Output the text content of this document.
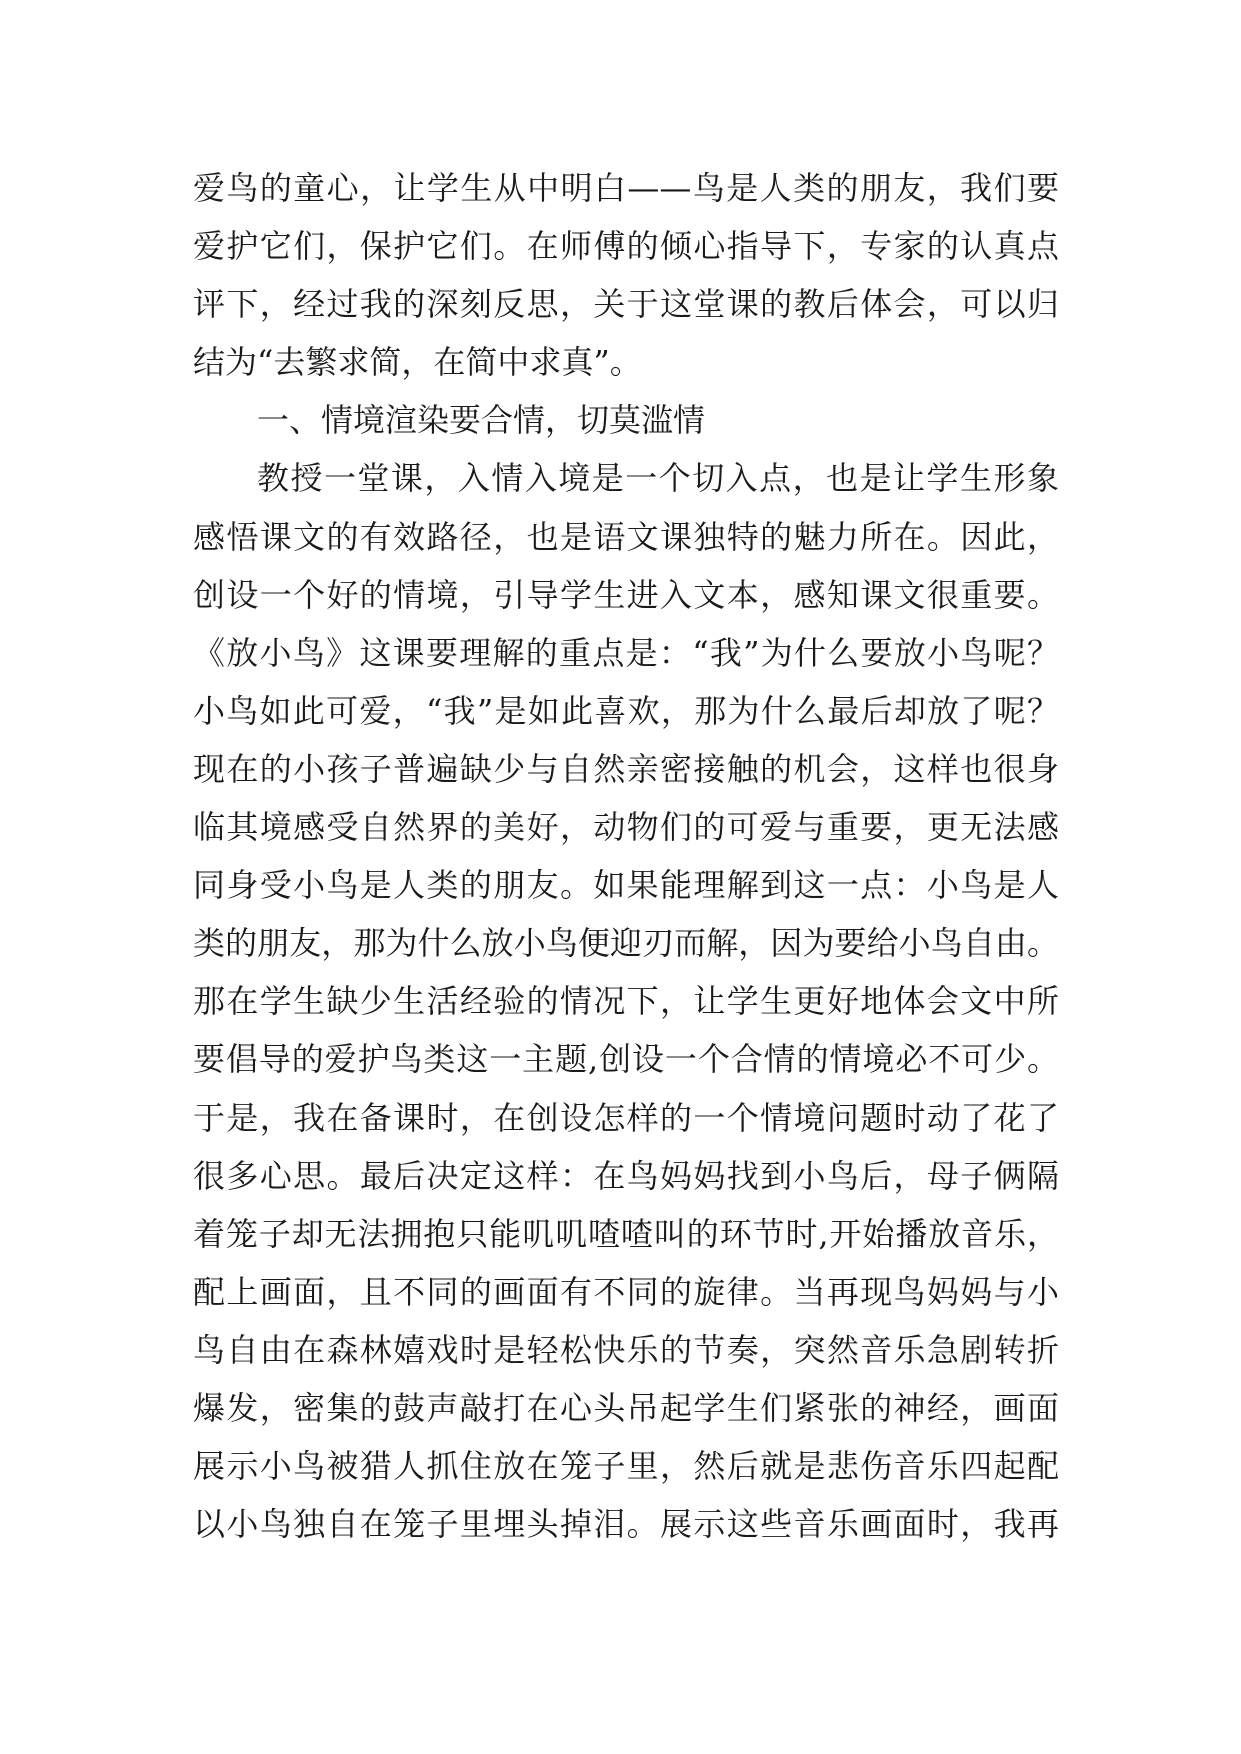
爱鸟的童心，让学生从中明白——鸟是人类的朋友，我们要
爱护它们，保护它们。在师傅的倾心指导下，专家的认真点
评下，经过我的深刻反思，关于这堂课的教后体会，可以归
结为“去繁求简，在简中求真”。
一、情境渲染要合情，切莫滥情
教授一堂课，入情入境是一个切入点，也是让学生形象
感悟课文的有效路径，也是语文课独特的魅力所在。因此，
创设一个好的情境，引导学生进入文本，感知课文很重要。
《放小鸟》这课要理解的重点是：“我”为什么要放小鸟呢？
小鸟如此可爱，“我”是如此喜欢，那为什么最后却放了呢？
现在的小孩子普遍缺少与自然亲密接触的机会，这样也很身
临其境感受自然界的美好，动物们的可爱与重要，更无法感
同身受小鸟是人类的朋友。如果能理解到这一点：小鸟是人
类的朋友，那为什么放小鸟便迎刃而解，因为要给小鸟自由。
那在学生缺少生活经验的情况下，让学生更好地体会文中所
要倡导的爱护鸟类这一主题,创设一个合情的情境必不可少。
于是，我在备课时，在创设怎样的一个情境问题时动了花了
很多心思。最后决定这样：在鸟妈妈找到小鸟后，母子俩隔
着笼子却无法拥抱只能叽叽喳喳叫的环节时,开始播放音乐，
配上画面，且不同的画面有不同的旋律。当再现鸟妈妈与小
鸟自由在森林嬉戏时是轻松快乐的节奏，突然音乐急剧转折
爆发，密集的鼓声敲打在心头吊起学生们紧张的神经，画面
展示小鸟被猎人抓住放在笼子里，然后就是悲伤音乐四起配
以小鸟独自在笼子里埋头掉泪。展示这些音乐画面时，我再
